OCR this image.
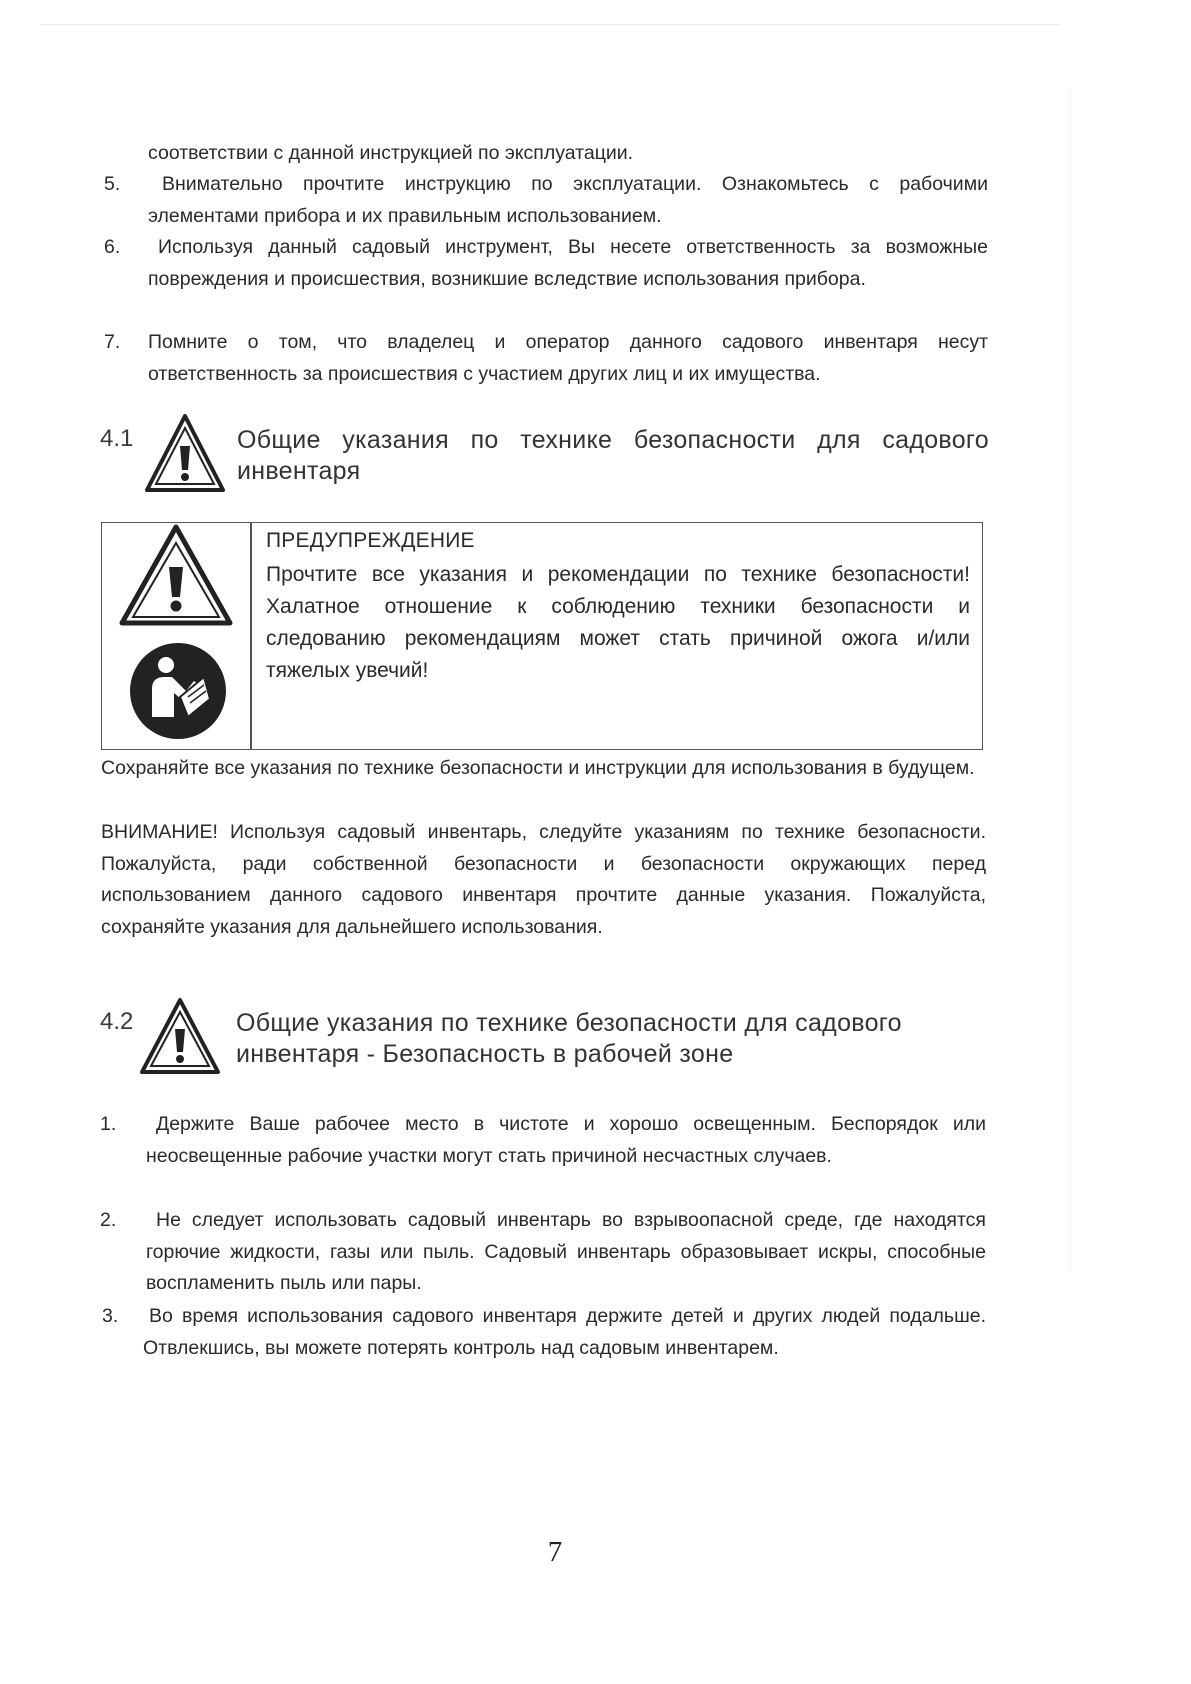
соответствии с данной инструкцией по эксплуатации.
5.	Внимательно прочтите инструкцию по эксплуатации. Ознакомьтесь с рабочими элементами прибора и их правильным использованием.
6.	Используя данный садовый инструмент, Вы несете ответственность за возможные повреждения и происшествия, возникшие вследствие использования прибора.
7. Помните о том, что владелец и оператор данного садового инвентаря несут ответственность за происшествия с участием других лиц и их имущества.
4.1	Общие указания по технике безопасности для садового инвентаря
ПРЕДУПРЕЖДЕНИЕ
Прочтите все указания и рекомендации по технике безопасности! Халатное отношение к соблюдению техники безопасности и следованию рекомендациям может стать причиной ожога и/или тяжелых увечий!
Сохраняйте все указания по технике безопасности и инструкции для использования в будущем.
ВНИМАНИЕ! Используя садовый инвентарь, следуйте указаниям по технике безопасности. Пожалуйста, ради собственной безопасности и безопасности окружающих перед использованием данного садового инвентаря прочтите данные указания. Пожалуйста, сохраняйте указания для дальнейшего использования.
4.2	Общие указания по технике безопасности для садового инвентаря - Безопасность в рабочей зоне
1.	Держите Ваше рабочее место в чистоте и хорошо освещенным. Беспорядок или неосвещенные рабочие участки могут стать причиной несчастных случаев.
2.	Не следует использовать садовый инвентарь во взрывоопасной среде, где находятся горючие жидкости, газы или пыль. Садовый инвентарь образовывает искры, способные воспламенить пыль или пары.
3.	Во время использования садового инвентаря держите детей и других людей подальше. Отвлекшись, вы можете потерять контроль над садовым инвентарем.
7
